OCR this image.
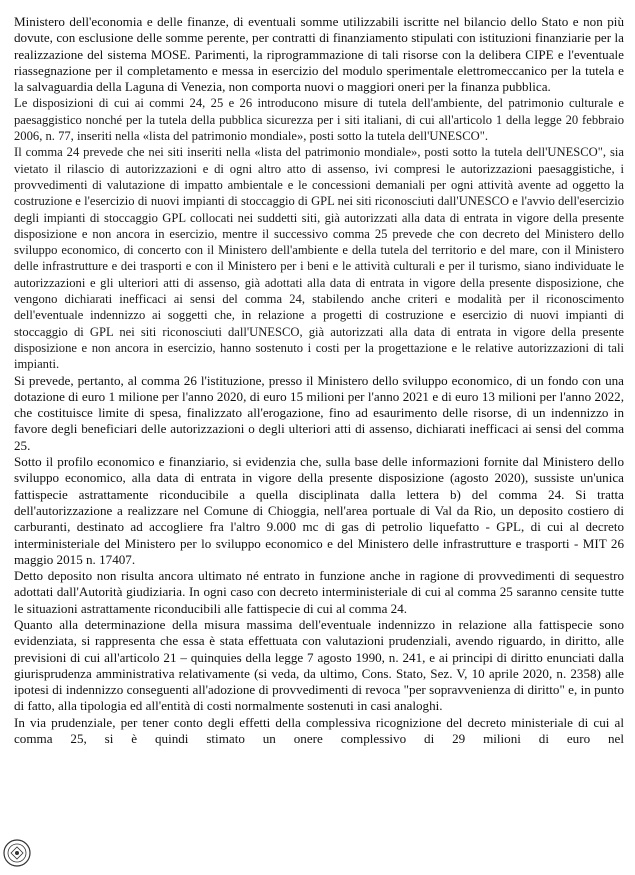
Ministero dell'economia e delle finanze, di eventuali somme utilizzabili iscritte nel bilancio dello Stato e non più dovute, con esclusione delle somme perente, per contratti di finanziamento stipulati con istituzioni finanziarie per la realizzazione del sistema MOSE. Parimenti, la riprogrammazione di tali risorse con la delibera CIPE e l'eventuale riassegnazione per il completamento e messa in esercizio del modulo sperimentale elettromeccanico per la tutela e la salvaguardia della Laguna di Venezia, non comporta nuovi o maggiori oneri per la finanza pubblica.

Le disposizioni di cui ai commi 24, 25 e 26 introducono misure di tutela dell'ambiente, del patrimonio culturale e paesaggistico nonché per la tutela della pubblica sicurezza per i siti italiani, di cui all'articolo 1 della legge 20 febbraio 2006, n. 77, inseriti nella «lista del patrimonio mondiale», posti sotto la tutela dell'UNESCO".

Il comma 24 prevede che nei siti inseriti nella «lista del patrimonio mondiale», posti sotto la tutela dell'UNESCO", sia vietato il rilascio di autorizzazioni e di ogni altro atto di assenso, ivi compresi le autorizzazioni paesaggistiche, i provvedimenti di valutazione di impatto ambientale e le concessioni demaniali per ogni attività avente ad oggetto la costruzione e l'esercizio di nuovi impianti di stoccaggio di GPL nei siti riconosciuti dall'UNESCO e l'avvio dell'esercizio degli impianti di stoccaggio GPL collocati nei suddetti siti, già autorizzati alla data di entrata in vigore della presente disposizione e non ancora in esercizio, mentre il successivo comma 25 prevede che con decreto del Ministero dello sviluppo economico, di concerto con il Ministero dell'ambiente e della tutela del territorio e del mare, con il Ministero delle infrastrutture e dei trasporti e con il Ministero per i beni e le attività culturali e per il turismo, siano individuate le autorizzazioni e gli ulteriori atti di assenso, già adottati alla data di entrata in vigore della presente disposizione, che vengono dichiarati inefficaci ai sensi del comma 24, stabilendo anche criteri e modalità per il riconoscimento dell'eventuale indennizzo ai soggetti che, in relazione a progetti di costruzione e esercizio di nuovi impianti di stoccaggio di GPL nei siti riconosciuti dall'UNESCO, già autorizzati alla data di entrata in vigore della presente disposizione e non ancora in esercizio, hanno sostenuto i costi per la progettazione e le relative autorizzazioni di tali impianti.

Si prevede, pertanto, al comma 26 l'istituzione, presso il Ministero dello sviluppo economico, di un fondo con una dotazione di euro 1 milione per l'anno 2020, di euro 15 milioni per l'anno 2021 e di euro 13 milioni per l'anno 2022, che costituisce limite di spesa, finalizzato all'erogazione, fino ad esaurimento delle risorse, di un indennizzo in favore degli beneficiari delle autorizzazioni o degli ulteriori atti di assenso, dichiarati inefficaci ai sensi del comma 25.

Sotto il profilo economico e finanziario, si evidenzia che, sulla base delle informazioni fornite dal Ministero dello sviluppo economico, alla data di entrata in vigore della presente disposizione (agosto 2020), sussiste un'unica fattispecie astrattamente riconducibile a quella disciplinata dalla lettera b) del comma 24. Si tratta dell'autorizzazione a realizzare nel Comune di Chioggia, nell'area portuale di Val da Rio, un deposito costiero di carburanti, destinato ad accogliere fra l'altro 9.000 mc di gas di petrolio liquefatto - GPL, di cui al decreto interministeriale del Ministero per lo sviluppo economico e del Ministero delle infrastrutture e trasporti - MIT 26 maggio 2015 n. 17407.

Detto deposito non risulta ancora ultimato né entrato in funzione anche in ragione di provvedimenti di sequestro adottati dall'Autorità giudiziaria. In ogni caso con decreto interministeriale di cui al comma 25 saranno censite tutte le situazioni astrattamente riconducibili alle fattispecie di cui al comma 24.

Quanto alla determinazione della misura massima dell'eventuale indennizzo in relazione alla fattispecie sono evidenziata, si rappresenta che essa è stata effettuata con valutazioni prudenziali, avendo riguardo, in diritto, alle previsioni di cui all'articolo 21 – quinquies della legge 7 agosto 1990, n. 241, e ai principi di diritto enunciati dalla giurisprudenza amministrativa relativamente (si veda, da ultimo, Cons. Stato, Sez. V, 10 aprile 2020, n. 2358) alle ipotesi di indennizzo conseguenti all'adozione di provvedimenti di revoca "per sopravvenienza di diritto" e, in punto di fatto, alla tipologia ed all'entità di costi normalmente sostenuti in casi analoghi.

In via prudenziale, per tener conto degli effetti della complessiva ricognizione del decreto ministeriale di cui al comma 25, si è quindi stimato un onere complessivo di 29 milioni di euro nel
